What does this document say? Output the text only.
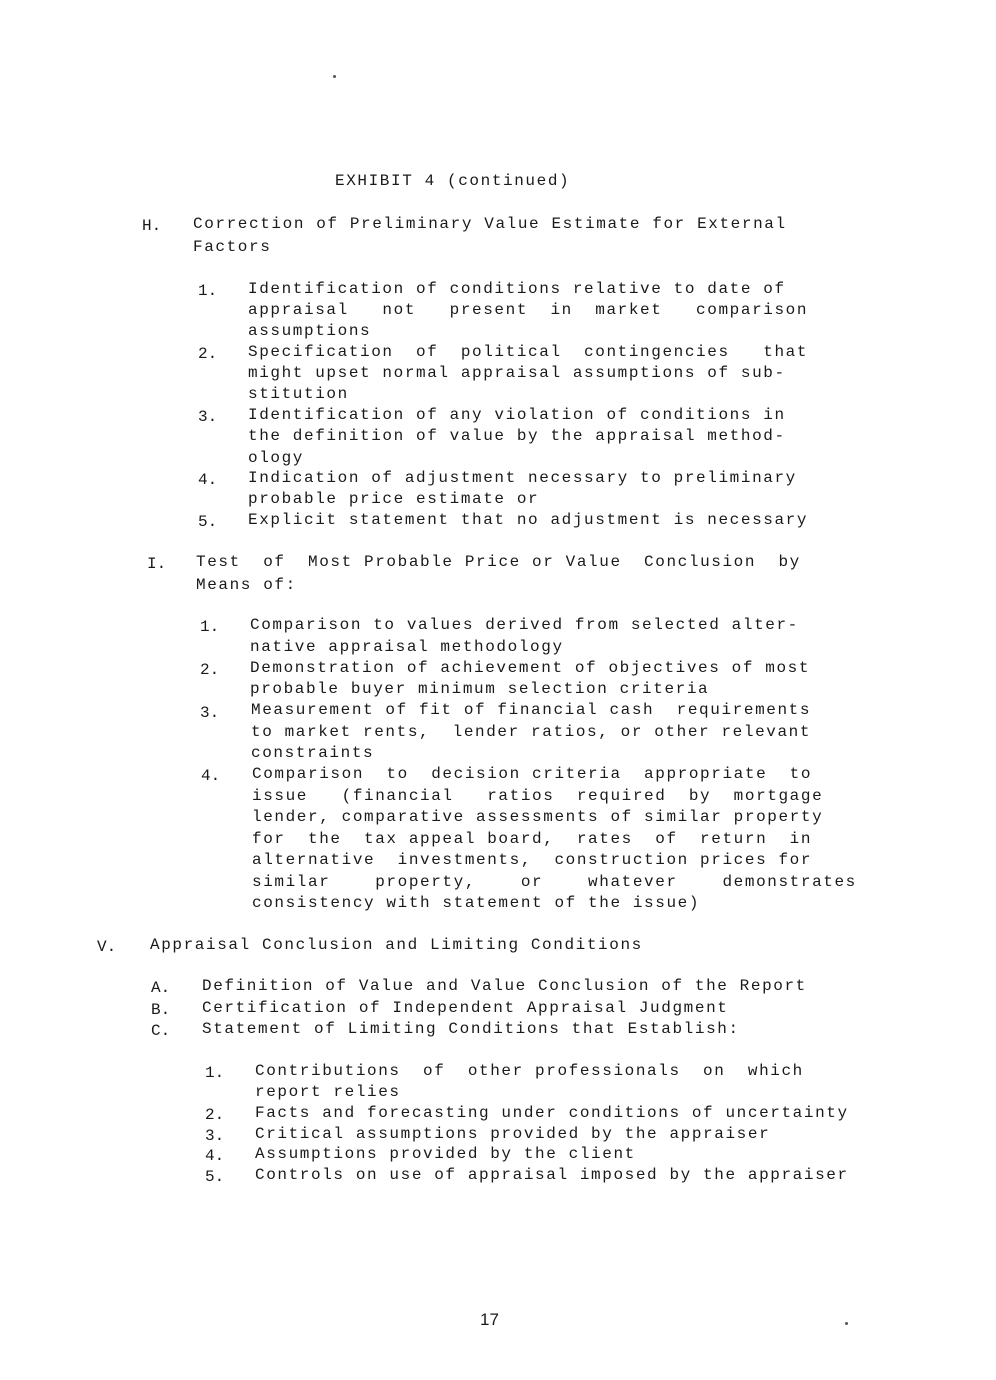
EXHIBIT 4 (continued)
H. Correction of Preliminary Value Estimate for External
Factors
1. Identification of conditions relative to date of
appraisal   not   present  in  market   comparison
assumptions
2. Specification  of  political  contingencies   that
might upset normal appraisal assumptions of sub-
stitution
3. Identification of any violation of conditions in
the definition of value by the appraisal method-
ology
4. Indication of adjustment necessary to preliminary
probable price estimate or
5. Explicit statement that no adjustment is necessary
I. Test  of  Most Probable Price or Value  Conclusion  by
Means of:
1. Comparison to values derived from selected alter-
native appraisal methodology
2. Demonstration of achievement of objectives of most
probable buyer minimum selection criteria
3. Measurement of fit of financial cash  requirements
to market rents,  lender ratios, or other relevant
constraints
4. Comparison  to  decision criteria  appropriate  to
issue   (financial   ratios  required  by  mortgage
lender, comparative assessments of similar property
for  the  tax appeal board,  rates  of  return  in
alternative  investments,  construction prices for
similar    property,    or    whatever    demonstrates
consistency with statement of the issue)
V. Appraisal Conclusion and Limiting Conditions
A. Definition of Value and Value Conclusion of the Report
B. Certification of Independent Appraisal Judgment
C. Statement of Limiting Conditions that Establish:
1. Contributions  of  other professionals  on  which
report relies
2. Facts and forecasting under conditions of uncertainty
3. Critical assumptions provided by the appraiser
4. Assumptions provided by the client
5. Controls on use of appraisal imposed by the appraiser
17
